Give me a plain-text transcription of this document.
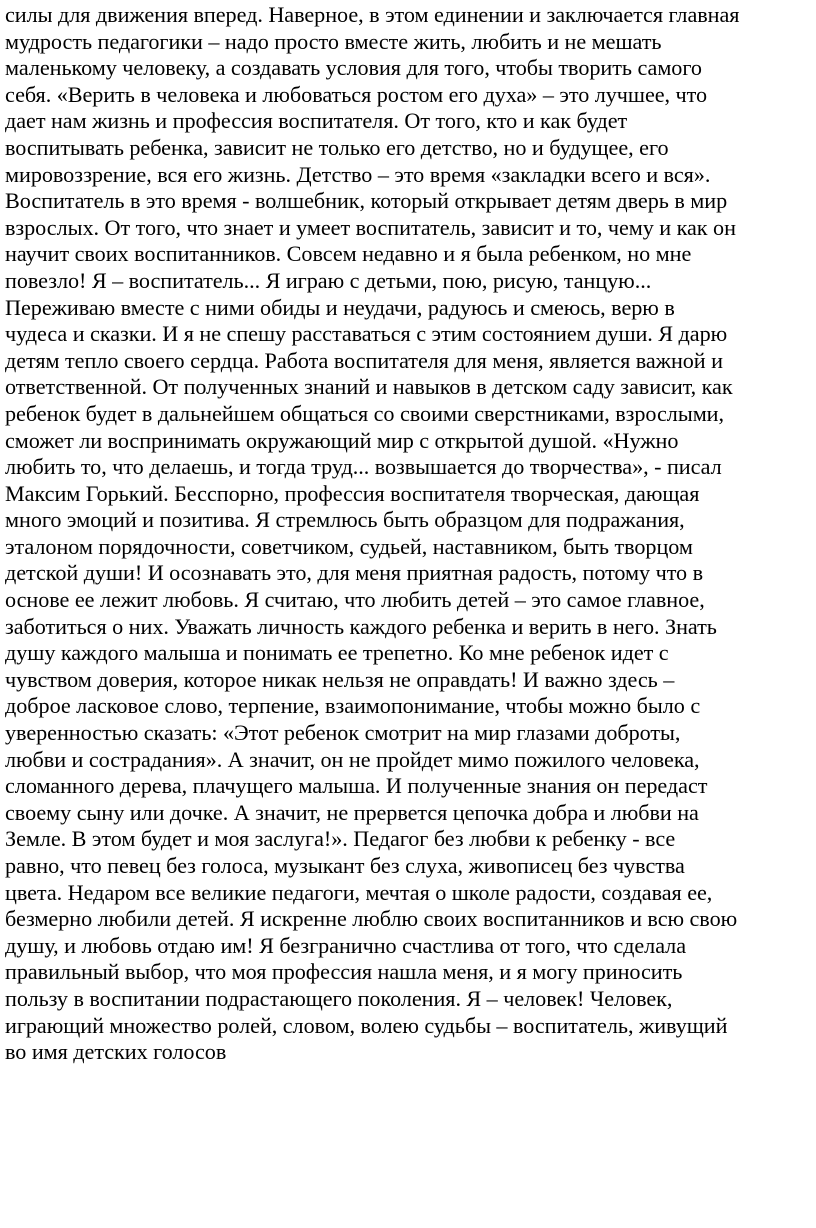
силы для движения вперед. Наверное, в этом единении и заключается главная
мудрость педагогики – надо просто вместе жить, любить и не мешать
маленькому человеку, а создавать условия для того, чтобы творить самого
себя. «Верить в человека и любоваться ростом его духа» – это лучшее, что
дает нам жизнь и профессия воспитателя. От того, кто и как будет
воспитывать ребенка, зависит не только его детство, но и будущее, его
мировоззрение, вся его жизнь. Детство – это время «закладки всего и вся».
Воспитатель в это время - волшебник, который открывает детям дверь в мир
взрослых. От того, что знает и умеет воспитатель, зависит и то, чему и как он
научит своих воспитанников. Совсем недавно и я была ребенком, но мне
повезло! Я – воспитатель... Я играю с детьми, пою, рисую, танцую...
Переживаю вместе с ними обиды и неудачи, радуюсь и смеюсь, верю в
чудеса и сказки. И я не спешу расставаться с этим состоянием души. Я дарю
детям тепло своего сердца. Работа воспитателя для меня, является важной и
ответственной. От полученных знаний и навыков в детском саду зависит, как
ребенок будет в дальнейшем общаться со своими сверстниками, взрослыми,
сможет ли воспринимать окружающий мир с открытой душой. «Нужно
любить то, что делаешь, и тогда труд... возвышается до творчества», - писал
Максим Горький. Бесспорно, профессия воспитателя творческая, дающая
много эмоций и позитива. Я стремлюсь быть образцом для подражания,
эталоном порядочности, советчиком, судьей, наставником, быть творцом
детской души! И осознавать это, для меня приятная радость, потому что в
основе ее лежит любовь. Я считаю, что любить детей – это самое главное,
заботиться о них. Уважать личность каждого ребенка и верить в него. Знать
душу каждого малыша и понимать ее трепетно. Ко мне ребенок идет с
чувством доверия, которое никак нельзя не оправдать! И важно здесь –
доброе ласковое слово, терпение, взаимопонимание, чтобы можно было с
уверенностью сказать: «Этот ребенок смотрит на мир глазами доброты,
любви и сострадания». А значит, он не пройдет мимо пожилого человека,
сломанного дерева, плачущего малыша. И полученные знания он передаст
своему сыну или дочке. А значит, не прервется цепочка добра и любви на
Земле. В этом будет и моя заслуга!». Педагог без любви к ребенку - все
равно, что певец без голоса, музыкант без слуха, живописец без чувства
цвета. Недаром все великие педагоги, мечтая о школе радости, создавая ее,
безмерно любили детей. Я искренне люблю своих воспитанников и всю свою
душу, и любовь отдаю им! Я безгранично счастлива от того, что сделала
правильный выбор, что моя профессия нашла меня, и я могу приносить
пользу в воспитании подрастающего поколения. Я – человек! Человек,
играющий множество ролей, словом, волею судьбы – воспитатель, живущий
во имя детских голосов
